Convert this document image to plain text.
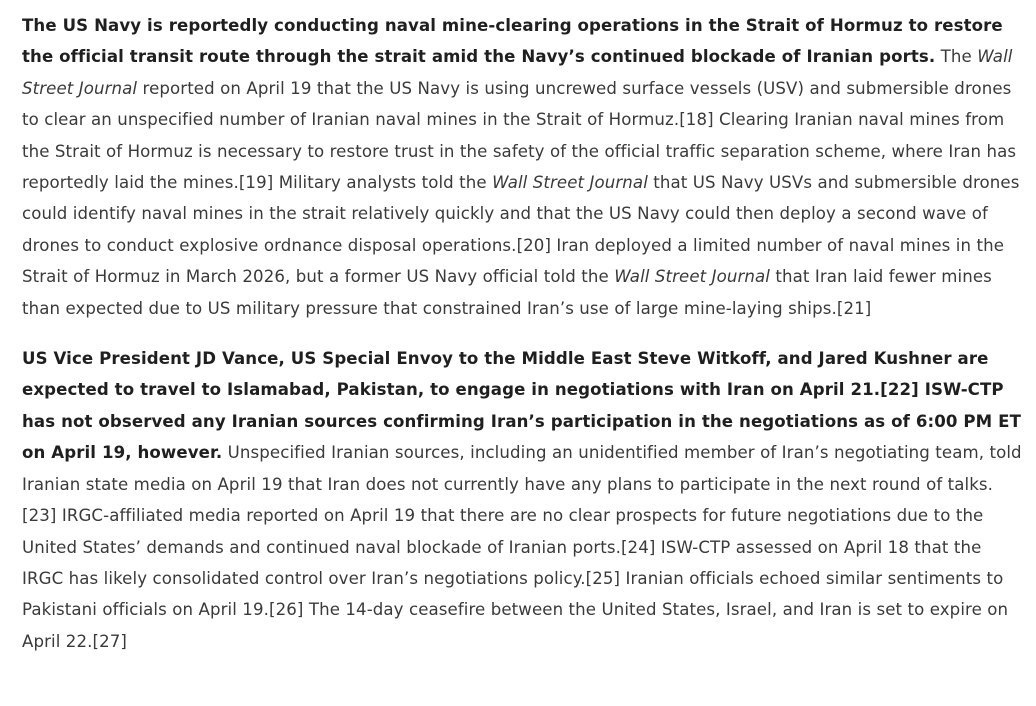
The US Navy is reportedly conducting naval mine-clearing operations in the Strait of Hormuz to restore the official transit route through the strait amid the Navy’s continued blockade of Iranian ports. The Wall Street Journal reported on April 19 that the US Navy is using uncrewed surface vessels (USV) and submersible drones to clear an unspecified number of Iranian naval mines in the Strait of Hormuz.[18] Clearing Iranian naval mines from the Strait of Hormuz is necessary to restore trust in the safety of the official traffic separation scheme, where Iran has reportedly laid the mines.[19] Military analysts told the Wall Street Journal that US Navy USVs and submersible drones could identify naval mines in the strait relatively quickly and that the US Navy could then deploy a second wave of drones to conduct explosive ordnance disposal operations.[20] Iran deployed a limited number of naval mines in the Strait of Hormuz in March 2026, but a former US Navy official told the Wall Street Journal that Iran laid fewer mines than expected due to US military pressure that constrained Iran’s use of large mine-laying ships.[21]

US Vice President JD Vance, US Special Envoy to the Middle East Steve Witkoff, and Jared Kushner are expected to travel to Islamabad, Pakistan, to engage in negotiations with Iran on April 21.[22] ISW-CTP has not observed any Iranian sources confirming Iran’s participation in the negotiations as of 6:00 PM ET on April 19, however. Unspecified Iranian sources, including an unidentified member of Iran’s negotiating team, told Iranian state media on April 19 that Iran does not currently have any plans to participate in the next round of talks.[23] IRGC-affiliated media reported on April 19 that there are no clear prospects for future negotiations due to the United States’ demands and continued naval blockade of Iranian ports.[24] ISW-CTP assessed on April 18 that the IRGC has likely consolidated control over Iran’s negotiations policy.[25] Iranian officials echoed similar sentiments to Pakistani officials on April 19.[26] The 14-day ceasefire between the United States, Israel, and Iran is set to expire on April 22.[27]
